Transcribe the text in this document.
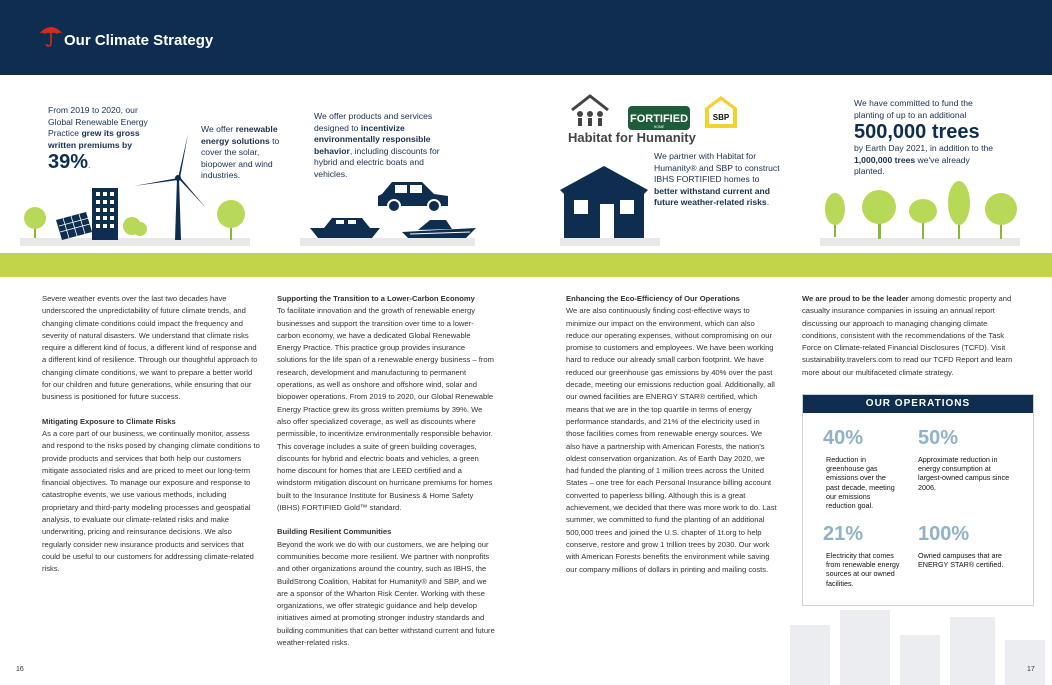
Our Climate Strategy
From 2019 to 2020, our Global Renewable Energy Practice grew its gross written premiums by
39%.
We offer renewable energy solutions to cover the solar, biopower and wind industries.
We offer products and services designed to incentivize environmentally responsible behavior, including discounts for hybrid and electric boats and vehicles.
We partner with Habitat for Humanity® and SBP to construct IBHS FORTIFIED homes to better withstand current and future weather-related risks.
We have committed to fund the planting of up to an additional
500,000 trees
by Earth Day 2021, in addition to the 1,000,000 trees we've already planted.
Habitat for Humanity
FORTIFIED
HOME
SBP

Severe weather events over the last two decades have underscored the unpredictability of future climate trends, and changing climate conditions could impact the frequency and severity of natural disasters. We understand that climate risks require a different kind of focus, a different kind of response and a different kind of resilience. Through our thoughtful approach to changing climate conditions, we want to prepare a better world for our children and future generations, while ensuring that our business is positioned for future success.

Mitigating Exposure to Climate Risks

As a core part of our business, we continually monitor, assess and respond to the risks posed by changing climate conditions to provide products and services that both help our customers mitigate associated risks and are priced to meet our long-term financial objectives. To manage our exposure and response to catastrophe events, we use various methods, including proprietary and third-party modeling processes and geospatial analysis, to evaluate our climate-related risks and make underwriting, pricing and reinsurance decisions. We also regularly consider new insurance products and services that could be useful to our customers for addressing climate-related risks.

Supporting the Transition to a Lower-Carbon Economy

To facilitate innovation and the growth of renewable energy businesses and support the transition over time to a lower-carbon economy, we have a dedicated Global Renewable Energy Practice. This practice group provides insurance solutions for the life span of a renewable energy business – from research, development and manufacturing to permanent operations, as well as onshore and offshore wind, solar and biopower operations. From 2019 to 2020, our Global Renewable Energy Practice grew its gross written premiums by 39%. We also offer specialized coverage, as well as discounts where permissible, to incentivize environmentally responsible behavior. This coverage includes a suite of green building coverages, discounts for hybrid and electric boats and vehicles, a green home discount for homes that are LEED certified and a windstorm mitigation discount on hurricane premiums for homes built to the Insurance Institute for Business & Home Safety (IBHS) FORTIFIED Gold™ standard.

Building Resilient Communities

Beyond the work we do with our customers, we are helping our communities become more resilient. We partner with nonprofits and other organizations around the country, such as IBHS, the BuildStrong Coalition, Habitat for Humanity® and SBP, and we are a sponsor of the Wharton Risk Center. Working with these organizations, we offer strategic guidance and help develop initiatives aimed at promoting stronger industry standards and building communities that can better withstand current and future weather-related risks.

Enhancing the Eco-Efficiency of Our Operations

We are also continuously finding cost-effective ways to minimize our impact on the environment, which can also reduce our operating expenses, without compromising on our promise to customers and employees. We have been working hard to reduce our already small carbon footprint. We have reduced our greenhouse gas emissions by 40% over the past decade, meeting our emissions reduction goal. Additionally, all our owned facilities are ENERGY STAR® certified, which means that we are in the top quartile in terms of energy performance standards, and 21% of the electricity used in those facilities comes from renewable energy sources. We also have a partnership with American Forests, the nation's oldest conservation organization. As of Earth Day 2020, we had funded the planting of 1 million trees across the United States – one tree for each Personal Insurance billing account converted to paperless billing. Although this is a great achievement, we decided that there was more work to do. Last summer, we committed to fund the planting of an additional 500,000 trees and joined the U.S. chapter of 1t.org to help conserve, restore and grow 1 trillion trees by 2030. Our work with American Forests benefits the environment while saving our company millions of dollars in printing and mailing costs.

We are proud to be the leader among domestic property and casualty insurance companies in issuing an annual report discussing our approach to managing changing climate conditions, consistent with the recommendations of the Task Force on Climate-related Financial Disclosures (TCFD). Visit sustainability.travelers.com to read our TCFD Report and learn more about our multifaceted climate strategy.

OUR OPERATIONS
40%
Reduction in greenhouse gas emissions over the past decade, meeting our emissions reduction goal.
50%
Approximate reduction in energy consumption at largest-owned campus since 2006.
21%
Electricity that comes from renewable energy sources at our owned facilities.
100%
Owned campuses that are ENERGY STAR® certified.
16	17
